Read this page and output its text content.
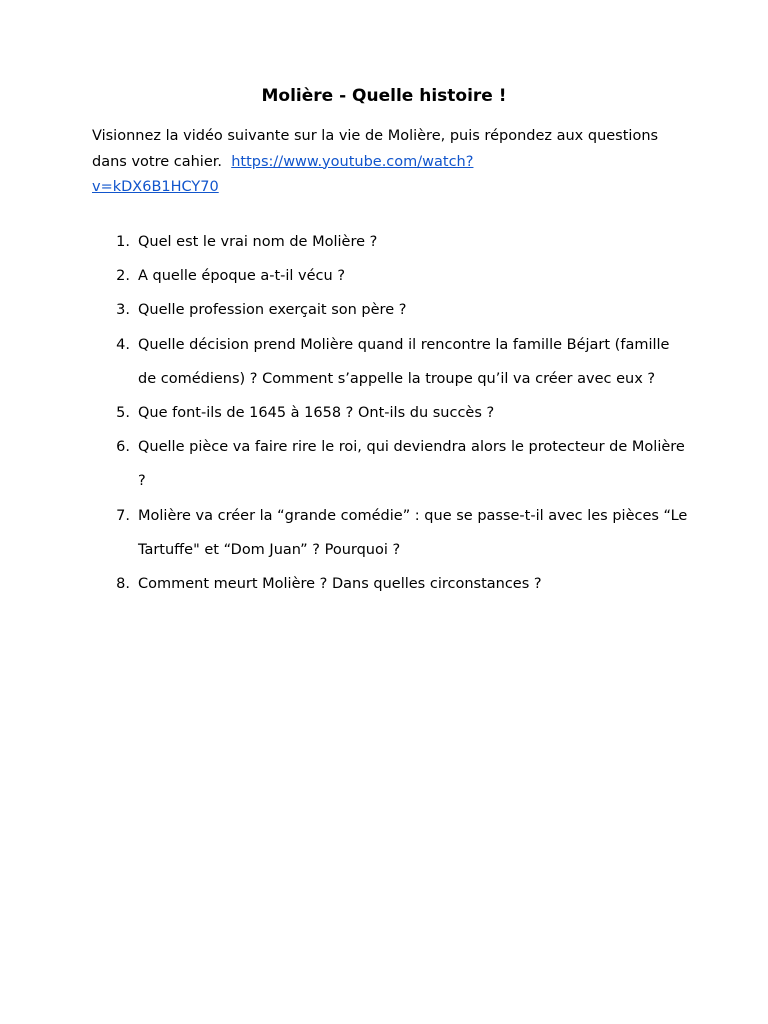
Molière - Quelle histoire !

Visionnez la vidéo suivante sur la vie de Molière, puis répondez aux questions dans votre cahier. https://www.youtube.com/watch?
v=kDX6B1HCY70

1. Quel est le vrai nom de Molière ?
2. A quelle époque a-t-il vécu ?
3. Quelle profession exerçait son père ?
4. Quelle décision prend Molière quand il rencontre la famille Béjart (famille de comédiens) ? Comment s’appelle la troupe qu’il va créer avec eux ?
5. Que font-ils de 1645 à 1658 ? Ont-ils du succès ?
6. Quelle pièce va faire rire le roi, qui deviendra alors le protecteur de Molière ?
7. Molière va créer la “grande comédie” : que se passe-t-il avec les pièces “Le Tartuffe" et “Dom Juan” ? Pourquoi ?
8. Comment meurt Molière ? Dans quelles circonstances ?
